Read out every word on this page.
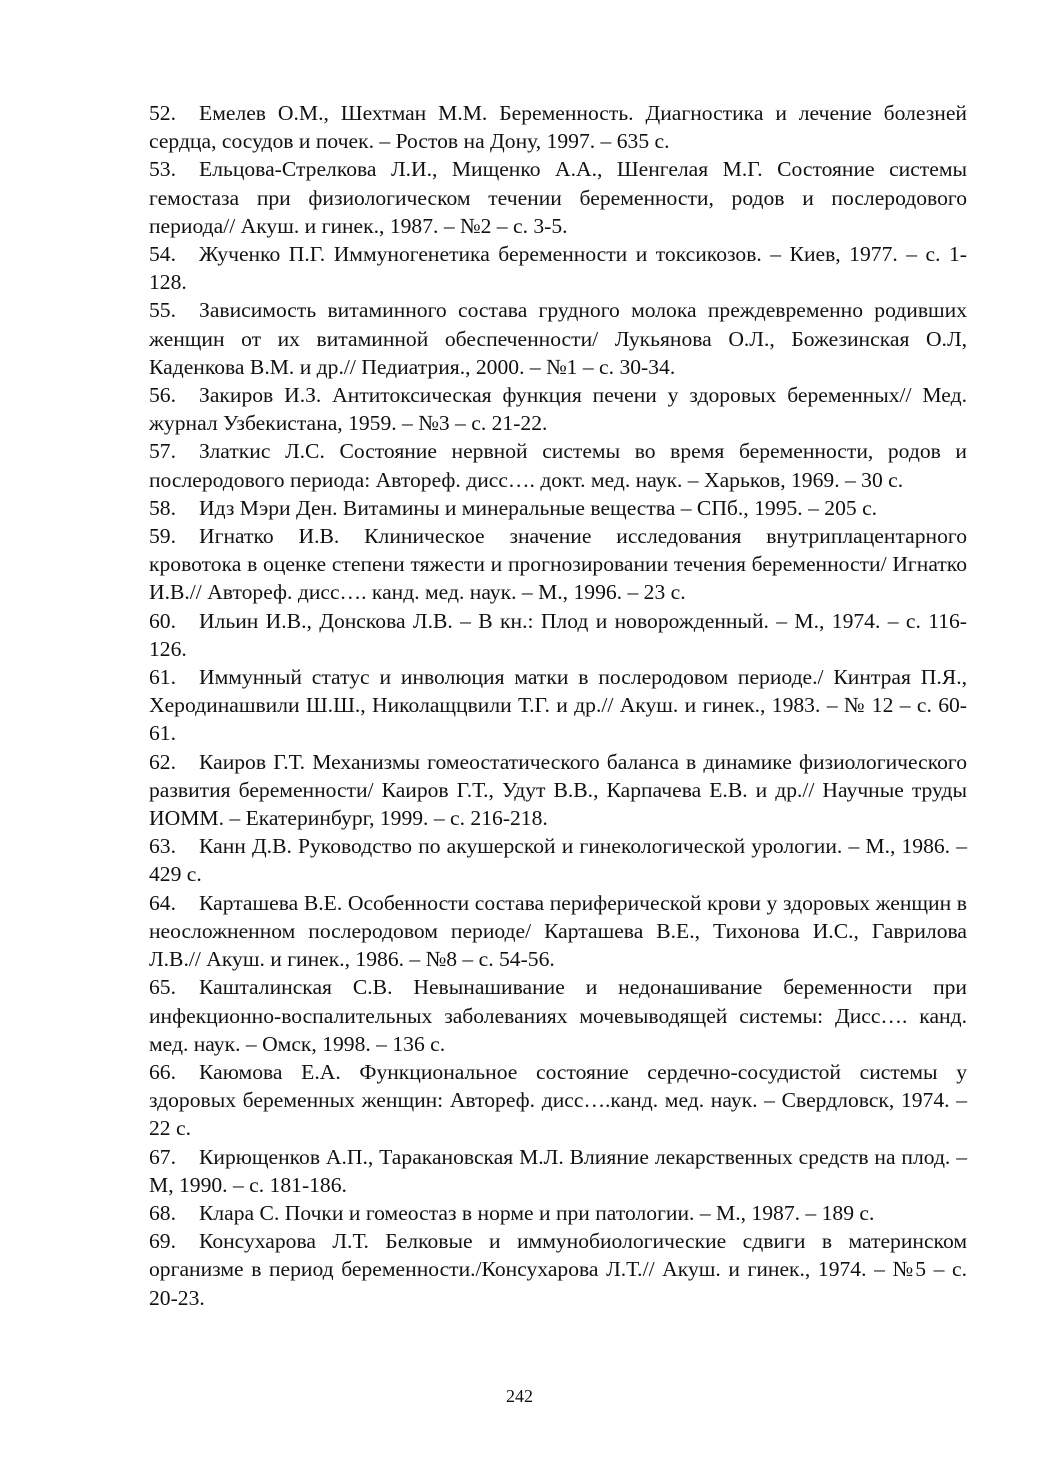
52. Емелев О.М., Шехтман М.М. Беременность. Диагностика и лечение болезней сердца, сосудов и почек. – Ростов на Дону, 1997. – 635 с.
53. Ельцова-Стрелкова Л.И., Мищенко А.А., Шенгелая М.Г. Состояние системы гемостаза при физиологическом течении беременности, родов и послеродового периода// Акуш. и гинек., 1987. – №2 – с. 3-5.
54. Жученко П.Г. Иммуногенетика беременности и токсикозов. – Киев, 1977. – с. 1-128.
55. Зависимость витаминного состава грудного молока преждевременно родивших женщин от их витаминной обеспеченности/ Лукьянова О.Л., Божезинская О.Л, Каденкова В.М. и др.// Педиатрия., 2000. – №1 – с. 30-34.
56. Закиров И.З. Антитоксическая функция печени у здоровых беременных// Мед. журнал Узбекистана, 1959. – №3 – с. 21-22.
57. Златкис Л.С. Состояние нервной системы во время беременности, родов и послеродового периода: Автореф. дисс…. докт. мед. наук. – Харьков, 1969. – 30 с.
58. Идз Мэри Ден. Витамины и минеральные вещества – СПб., 1995. – 205 с.
59. Игнатко И.В. Клиническое значение исследования внутриплацентарного кровотока в оценке степени тяжести и прогнозировании течения беременности/ Игнатко И.В.// Автореф. дисс…. канд. мед. наук. – М., 1996. – 23 с.
60. Ильин И.В., Донскова Л.В. – В кн.: Плод и новорожденный. – М., 1974. – с. 116-126.
61. Иммунный статус и инволюция матки в послеродовом периоде./ Кинтрая П.Я., Херодинашвили Ш.Ш., Николащцвили Т.Г. и др.// Акуш. и гинек., 1983. – № 12 – с. 60-61.
62. Каиров Г.Т. Механизмы гомеостатического баланса в динамике физиологического развития беременности/ Каиров Г.Т., Удут В.В., Карпачева Е.В. и др.// Научные труды ИОММ. – Екатеринбург, 1999. – с. 216-218.
63. Канн Д.В. Руководство по акушерской и гинекологической урологии. – М., 1986. – 429 с.
64. Карташева В.Е. Особенности состава периферической крови у здоровых женщин в неосложненном послеродовом периоде/ Карташева В.Е., Тихонова И.С., Гаврилова Л.В.// Акуш. и гинек., 1986. – №8 – с. 54-56.
65. Кашталинская С.В. Невынашивание и недонашивание беременности при инфекционно-воспалительных заболеваниях мочевыводящей системы: Дисс…. канд. мед. наук. – Омск, 1998. – 136 с.
66. Каюмова Е.А. Функциональное состояние сердечно-сосудистой системы у здоровых беременных женщин: Автореф. дисс….канд. мед. наук. – Свердловск, 1974. – 22 с.
67. Кирющенков А.П., Таракановская М.Л. Влияние лекарственных средств на плод. – М, 1990. – с. 181-186.
68. Клара С. Почки и гомеостаз в норме и при патологии. – М., 1987. – 189 с.
69. Консухарова Л.Т. Белковые и иммунобиологические сдвиги в материнском организме в период беременности./Консухарова Л.Т.// Акуш. и гинек., 1974. – №5 – с. 20-23.
242
